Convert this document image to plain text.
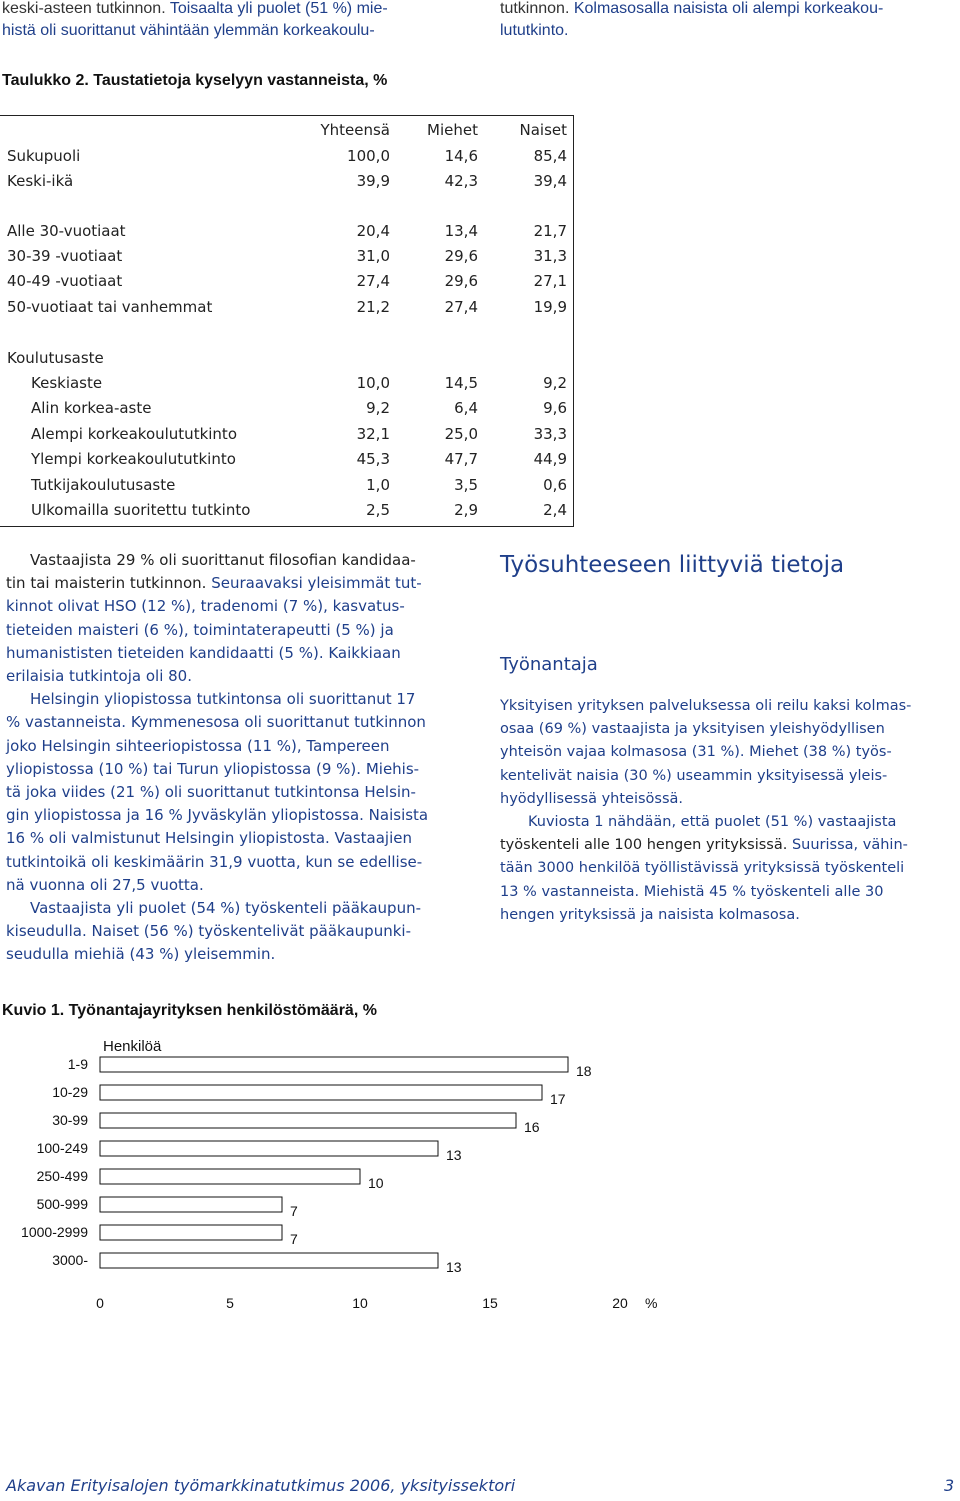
keski-asteen tutkinnon. Toisaalta yli puolet (51 %) mie-
histä oli suorittanut vähintään ylemmän korkeakoulu-
tutkinnon. Kolmasosalla naisista oli alempi korkeakou-
lututkinto.
Taulukko 2. Taustatietoja kyselyyn vastanneista, %
Yhteensä	Miehet	Naiset
Sukupuoli	100,0	14,6	85,4
Keski-ikä	39,9	42,3	39,4
Alle 30-vuotiaat	20,4	13,4	21,7
30-39 -vuotiaat	31,0	29,6	31,3
40-49 -vuotiaat	27,4	29,6	27,1
50-vuotiaat tai vanhemmat	21,2	27,4	19,9
Koulutusaste
Keskiaste	10,0	14,5	9,2
Alin korkea-aste	9,2	6,4	9,6
Alempi korkeakoulututkinto	32,1	25,0	33,3
Ylempi korkeakoulututkinto	45,3	47,7	44,9
Tutkijakoulutusaste	1,0	3,5	0,6
Ulkomailla suoritettu tutkinto	2,5	2,9	2,4
Vastaajista 29 % oli suorittanut filosofian kandidaa-
tin tai maisterin tutkinnon. Seuraavaksi yleisimmät tut-
kinnot olivat HSO (12 %), tradenomi (7 %), kasvatus-
tieteiden maisteri (6 %), toimintaterapeutti (5 %) ja
humanististen tieteiden kandidaatti (5 %). Kaikkiaan
erilaisia tutkintoja oli 80.
Helsingin yliopistossa tutkintonsa oli suorittanut 17
% vastanneista. Kymmenesosa oli suorittanut tutkinnon
joko Helsingin sihteeriopistossa (11 %), Tampereen
yliopistossa (10 %) tai Turun yliopistossa (9 %). Miehis-
tä joka viides (21 %) oli suorittanut tutkintonsa Helsin-
gin yliopistossa ja 16 % Jyväskylän yliopistossa. Naisista
16 % oli valmistunut Helsingin yliopistosta. Vastaajien
tutkintoikä oli keskimäärin 31,9 vuotta, kun se edellise-
nä vuonna oli 27,5 vuotta.
Vastaajista yli puolet (54 %) työskenteli pääkaupun-
kiseudulla. Naiset (56 %) työskentelivät pääkaupunki-
seudulla miehiä (43 %) yleisemmin.
Työsuhteeseen liittyviä tietoja
Työnantaja
Yksityisen yrityksen palveluksessa oli reilu kaksi kolmas-
osaa (69 %) vastaajista ja yksityisen yleishyödyllisen
yhteisön vajaa kolmasosa (31 %). Miehet (38 %) työs-
kentelivät naisia (30 %) useammin yksityisessä yleis-
hyödyllisessä yhteisössä.
Kuviosta 1 nähdään, että puolet (51 %) vastaajista
työskenteli alle 100 hengen yrityksissä. Suurissa, vähin-
tään 3000 henkilöä työllistävissä yrityksissä työskenteli
13 % vastanneista. Miehistä 45 % työskenteli alle 30
hengen yrityksissä ja naisista kolmasosa.
Kuvio 1. Työnantajayrityksen henkilöstömäärä, %
Henkilöä
1-9	18
10-29	17
30-99	16
100-249	13
250-499	10
500-999	7
1000-2999	7
3000-	13
0	5	10	15	20 %
Akavan Erityisalojen työmarkkinatutkimus 2006, yksityissektori	3
